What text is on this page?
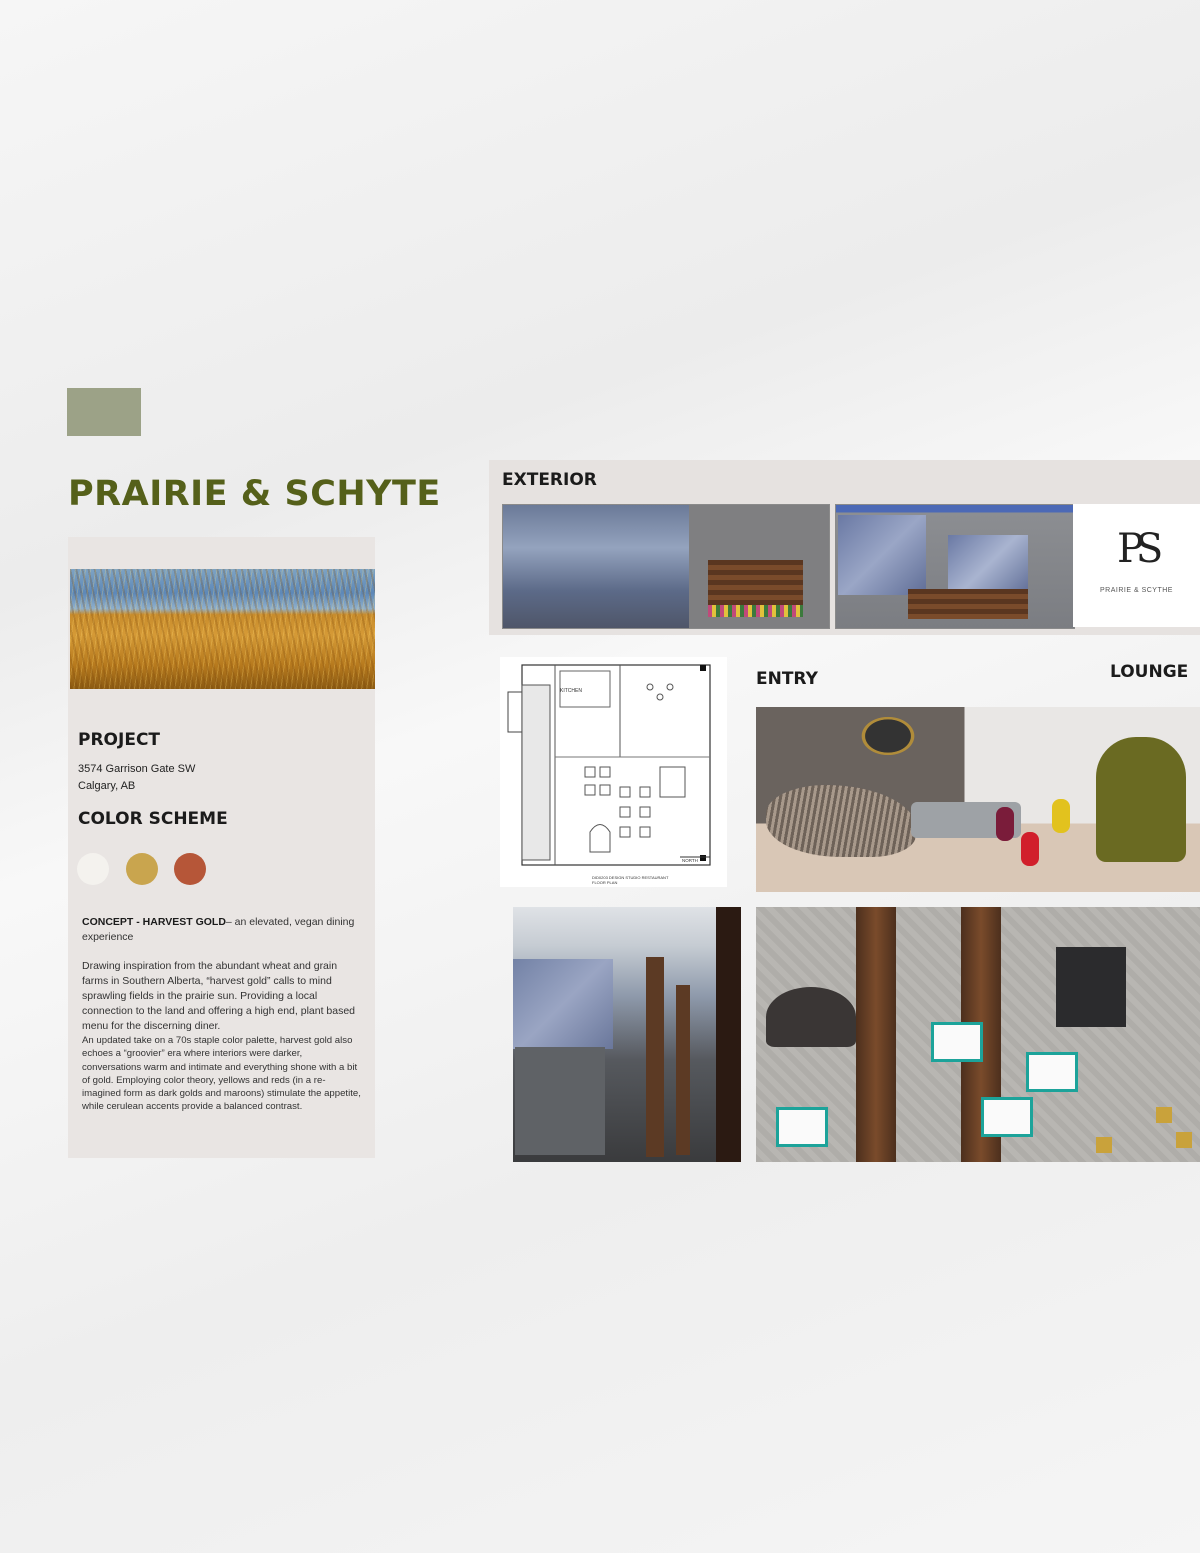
PRAIRIE & SCHYTE
PROJECT
3574 Garrison Gate SW
Calgary, AB
COLOR SCHEME
CONCEPT - HARVEST GOLD– an elevated, vegan dining experience
Drawing inspiration from the abundant wheat and grain farms in Southern Alberta, “harvest gold” calls to mind sprawling fields in the prairie sun. Providing a local connection to the land and offering a high end, plant based menu for the discerning diner.
An updated take on a 70s staple color palette, harvest gold also echoes a “groovier” era where interiors were darker, conversations warm and intimate and everything shone with a bit of gold. Employing color theory, yellows and reds (in a re-imagined form as dark golds and maroons) stimulate the appetite, while cerulean accents provide a balanced contrast.
EXTERIOR
PS
PRAIRIE & SCYTHE
KITCHEN
NORTH
DID0203 DESIGN STUDIO RESTAURANT
FLOOR PLAN
ENTRY	LOUNGE
